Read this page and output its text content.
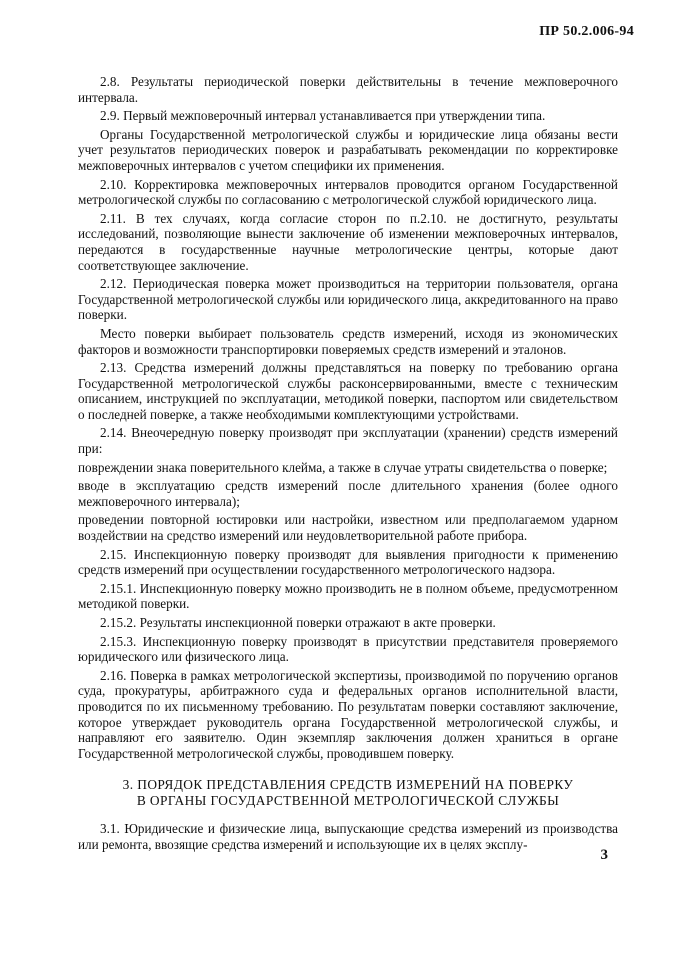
ПР 50.2.006-94

2.8. Результаты периодической поверки действительны в течение межповерочного интервала.

2.9. Первый межповерочный интервал устанавливается при утверждении типа.

Органы Государственной метрологической службы и юридические лица обязаны вести учет результатов периодических поверок и разрабатывать рекомендации по корректировке межповерочных интервалов с учетом специфики их применения.

2.10. Корректировка межповерочных интервалов проводится органом Государственной метрологической службы по согласованию с метрологической службой юридического лица.

2.11. В тех случаях, когда согласие сторон по п.2.10. не достигнуто, результаты исследований, позволяющие вынести заключение об изменении межповерочных интервалов, передаются в государственные научные метрологические центры, которые дают соответствующее заключение.

2.12. Периодическая поверка может производиться на территории пользователя, органа Государственной метрологической службы или юридического лица, аккредитованного на право поверки.

Место поверки выбирает пользователь средств измерений, исходя из экономических факторов и возможности транспортировки поверяемых средств измерений и эталонов.

2.13. Средства измерений должны представляться на поверку по требованию органа Государственной метрологической службы расконсервированными, вместе с техническим описанием, инструкцией по эксплуатации, методикой поверки, паспортом или свидетельством о последней поверке, а также необходимыми комплектующими устройствами.

2.14. Внеочередную поверку производят при эксплуатации (хранении) средств измерений при:

повреждении знака поверительного клейма, а также в случае утраты свидетельства о поверке;

вводе в эксплуатацию средств измерений после длительного хранения (более одного межповерочного интервала);

проведении повторной юстировки или настройки, известном или предполагаемом ударном воздействии на средство измерений или неудовлетворительной работе прибора.

2.15. Инспекционную поверку производят для выявления пригодности к применению средств измерений при осуществлении государственного метрологического надзора.

2.15.1. Инспекционную поверку можно производить не в полном объеме, предусмотренном методикой поверки.

2.15.2. Результаты инспекционной поверки отражают в акте проверки.

2.15.3. Инспекционную поверку производят в присутствии представителя проверяемого юридического или физического лица.

2.16. Поверка в рамках метрологической экспертизы, производимой по поручению органов суда, прокуратуры, арбитражного суда и федеральных органов исполнительной власти, проводится по их письменному требованию. По результатам поверки составляют заключение, которое утверждает руководитель органа Государственной метрологической службы, и направляют его заявителю. Один экземпляр заключения должен храниться в органе Государственной метрологической службы, проводившем поверку.

3. ПОРЯДОК ПРЕДСТАВЛЕНИЯ СРЕДСТВ ИЗМЕРЕНИЙ НА ПОВЕРКУ
В ОРГАНЫ ГОСУДАРСТВЕННОЙ МЕТРОЛОГИЧЕСКОЙ СЛУЖБЫ

3.1. Юридические и физические лица, выпускающие средства измерений из производства или ремонта, ввозящие средства измерений и использующие их в целях эксплу-

3
